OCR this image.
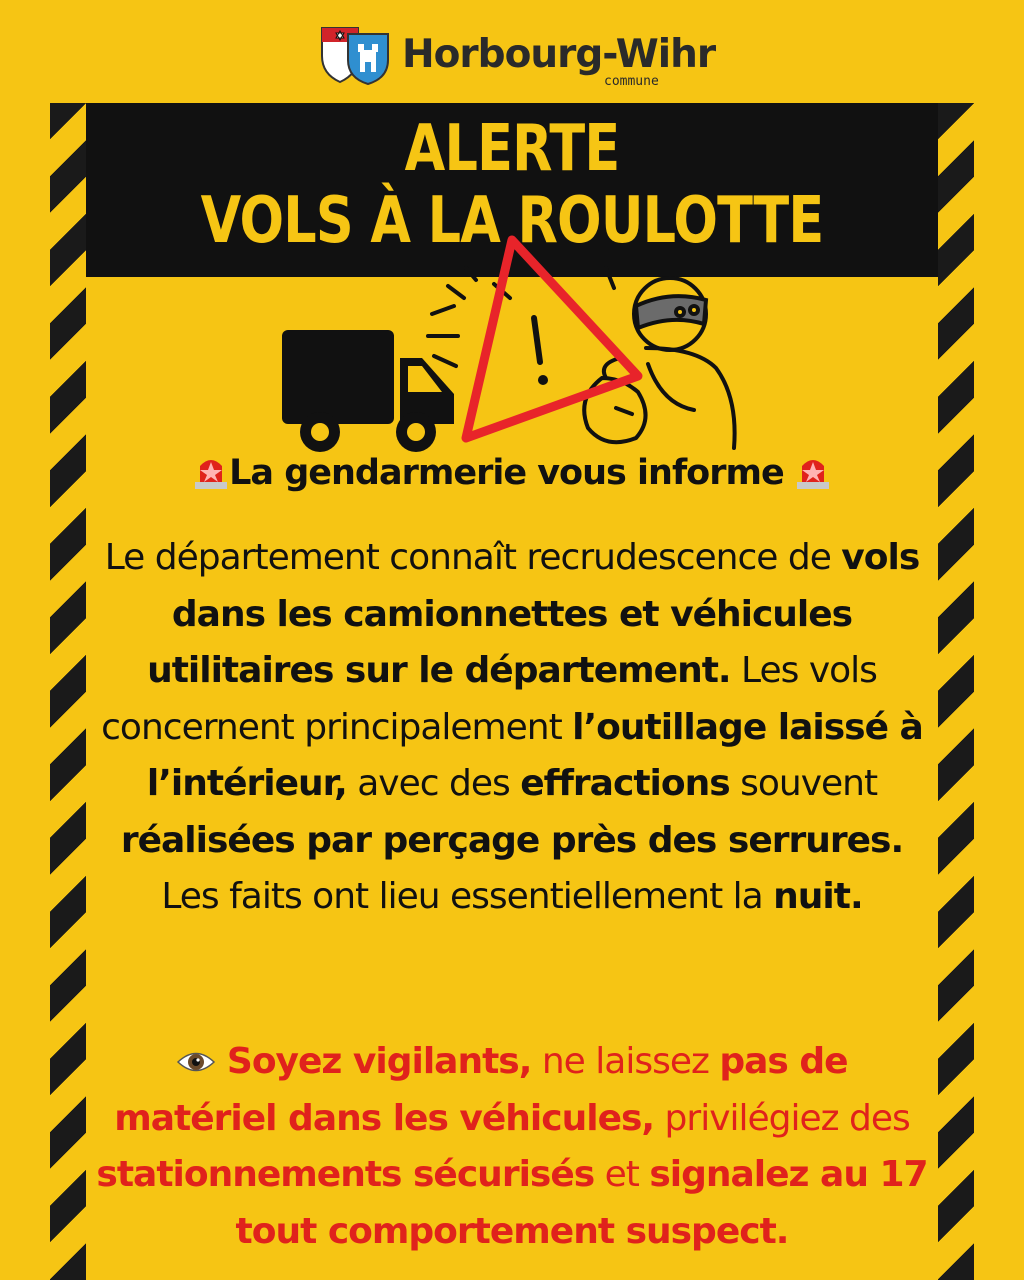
Horbourg-Wihr
commune
ALERTE
VOLS À LA ROULOTTE
La gendarmerie vous informe
Le département connaît recrudescence de vols dans les camionnettes et véhicules utilitaires sur le département. Les vols concernent principalement l’outillage laissé à l’intérieur, avec des effractions souvent réalisées par perçage près des serrures.
Les faits ont lieu essentiellement la nuit.
Soyez vigilants, ne laissez pas de matériel dans les véhicules, privilégiez des stationnements sécurisés et signalez au 17 tout comportement suspect.
